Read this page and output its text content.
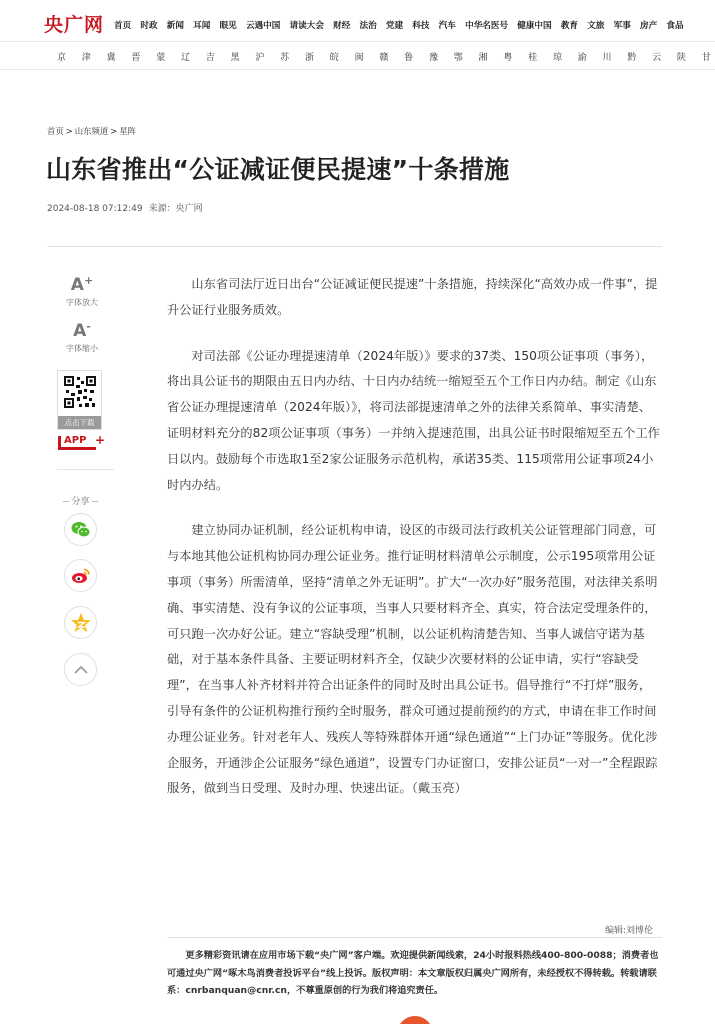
央广网 首页 时政 新闻 耳闻 眼见 云遇中国 请读大会 财经 法治 党建 科技 汽车 中华名医号 健康中国 教育 文旅 军事 房产 食品
京 津 冀 晋 蒙 辽 吉 黑 沪 苏 浙 皖 闽 赣 鲁 豫 鄂 湘 粤 桂 琼 渝 川 黔 云 陕 甘
首页 > 山东频道 > 星阵
山东省推出“公证减证便民提速”十条措施
2024-08-18 07:12:49 来源：央广网
A+
字体放大
A-
字体缩小
点击下载
APP +
分享

山东省司法厅近日出台“公证减证便民提速”十条措施，持续深化“高效办成一件事”，提升公证行业服务质效。

对司法部《公证办理提速清单（2024年版）》要求的37类、150项公证事项（事务），将出具公证书的期限由五日内办结、十日内办结统一缩短至五个工作日内办结。制定《山东省公证办理提速清单（2024年版）》，将司法部提速清单之外的法律关系简单、事实清楚、证明材料充分的82项公证事项（事务）一并纳入提速范围，出具公证书时限缩短至五个工作日以内。鼓励每个市选取1至2家公证服务示范机构，承诺35类、115项常用公证事项24小时内办结。

建立协同办证机制，经公证机构申请，设区的市级司法行政机关公证管理部门同意，可与本地其他公证机构协同办理公证业务。推行证明材料清单公示制度，公示195项常用公证事项（事务）所需清单，坚持“清单之外无证明”。扩大“一次办好”服务范围，对法律关系明确、事实清楚、没有争议的公证事项，当事人只要材料齐全、真实，符合法定受理条件的，可只跑一次办好公证。建立“容缺受理”机制，以公证机构清楚告知、当事人诚信守诺为基础，对于基本条件具备、主要证明材料齐全，仅缺少次要材料的公证申请，实行“容缺受理”，在当事人补齐材料并符合出证条件的同时及时出具公证书。倡导推行“不打烊”服务，引导有条件的公证机构推行预约全时服务，群众可通过提前预约的方式，申请在非工作时间办理公证业务。针对老年人、残疾人等特殊群体开通“绿色通道”“上门办证”等服务。优化涉企服务，开通涉企公证服务“绿色通道”，设置专门办证窗口，安排公证员“一对一”全程跟踪服务，做到当日受理、及时办理、快速出证。（戴玉亮）

编辑:刘博伦
更多精彩资讯请在应用市场下载“央广网”客户端。欢迎提供新闻线索，24小时报料热线400-800-0088；消费者也可通过央广网“啄木鸟消费者投诉平台”线上投诉。版权声明：本文章版权归属央广网所有，未经授权不得转载。转载请联系：cnrbanquan@cnr.cn，不尊重原创的行为我们将追究责任。
